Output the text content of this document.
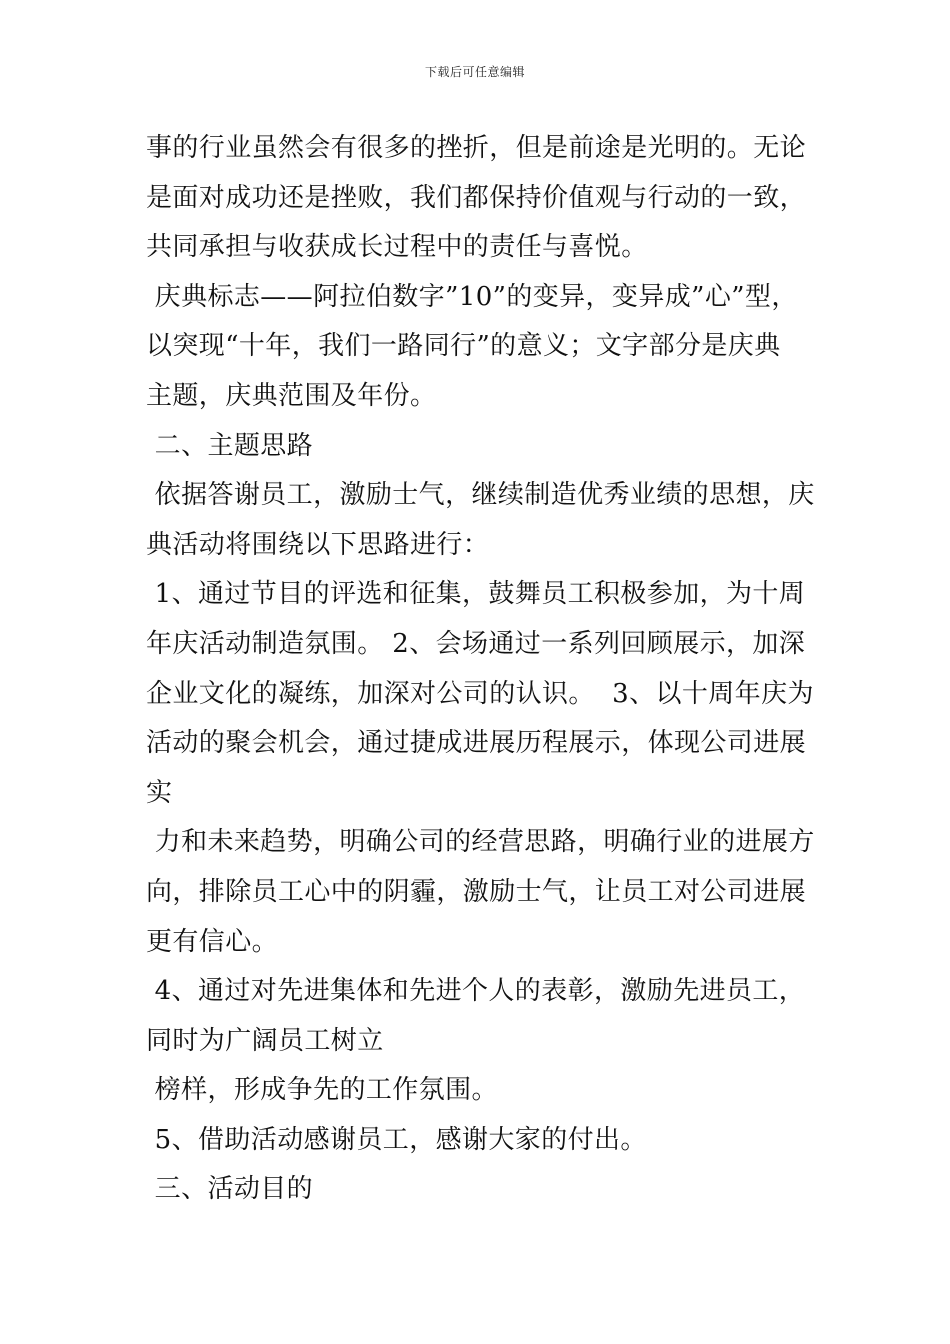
下载后可任意编辑
事的行业虽然会有很多的挫折，但是前途是光明的。无论
是面对成功还是挫败，我们都保持价值观与行动的一致，
共同承担与收获成长过程中的责任与喜悦。
庆典标志——阿拉伯数字”10”的变异，变异成”心”型，
以突现“十年，我们一路同行”的意义；文字部分是庆典
主题，庆典范围及年份。
二、主题思路
依据答谢员工，激励士气，继续制造优秀业绩的思想，庆
典活动将围绕以下思路进行：
1、通过节目的评选和征集，鼓舞员工积极参加，为十周
年庆活动制造氛围。 2、会场通过一系列回顾展示，加深
企业文化的凝练，加深对公司的认识。  3、以十周年庆为
活动的聚会机会，通过捷成进展历程展示，体现公司进展
实
力和未来趋势，明确公司的经营思路，明确行业的进展方
向，排除员工心中的阴霾，激励士气，让员工对公司进展
更有信心。
4、通过对先进集体和先进个人的表彰，激励先进员工，
同时为广阔员工树立
榜样，形成争先的工作氛围。
5、借助活动感谢员工，感谢大家的付出。
三、活动目的
